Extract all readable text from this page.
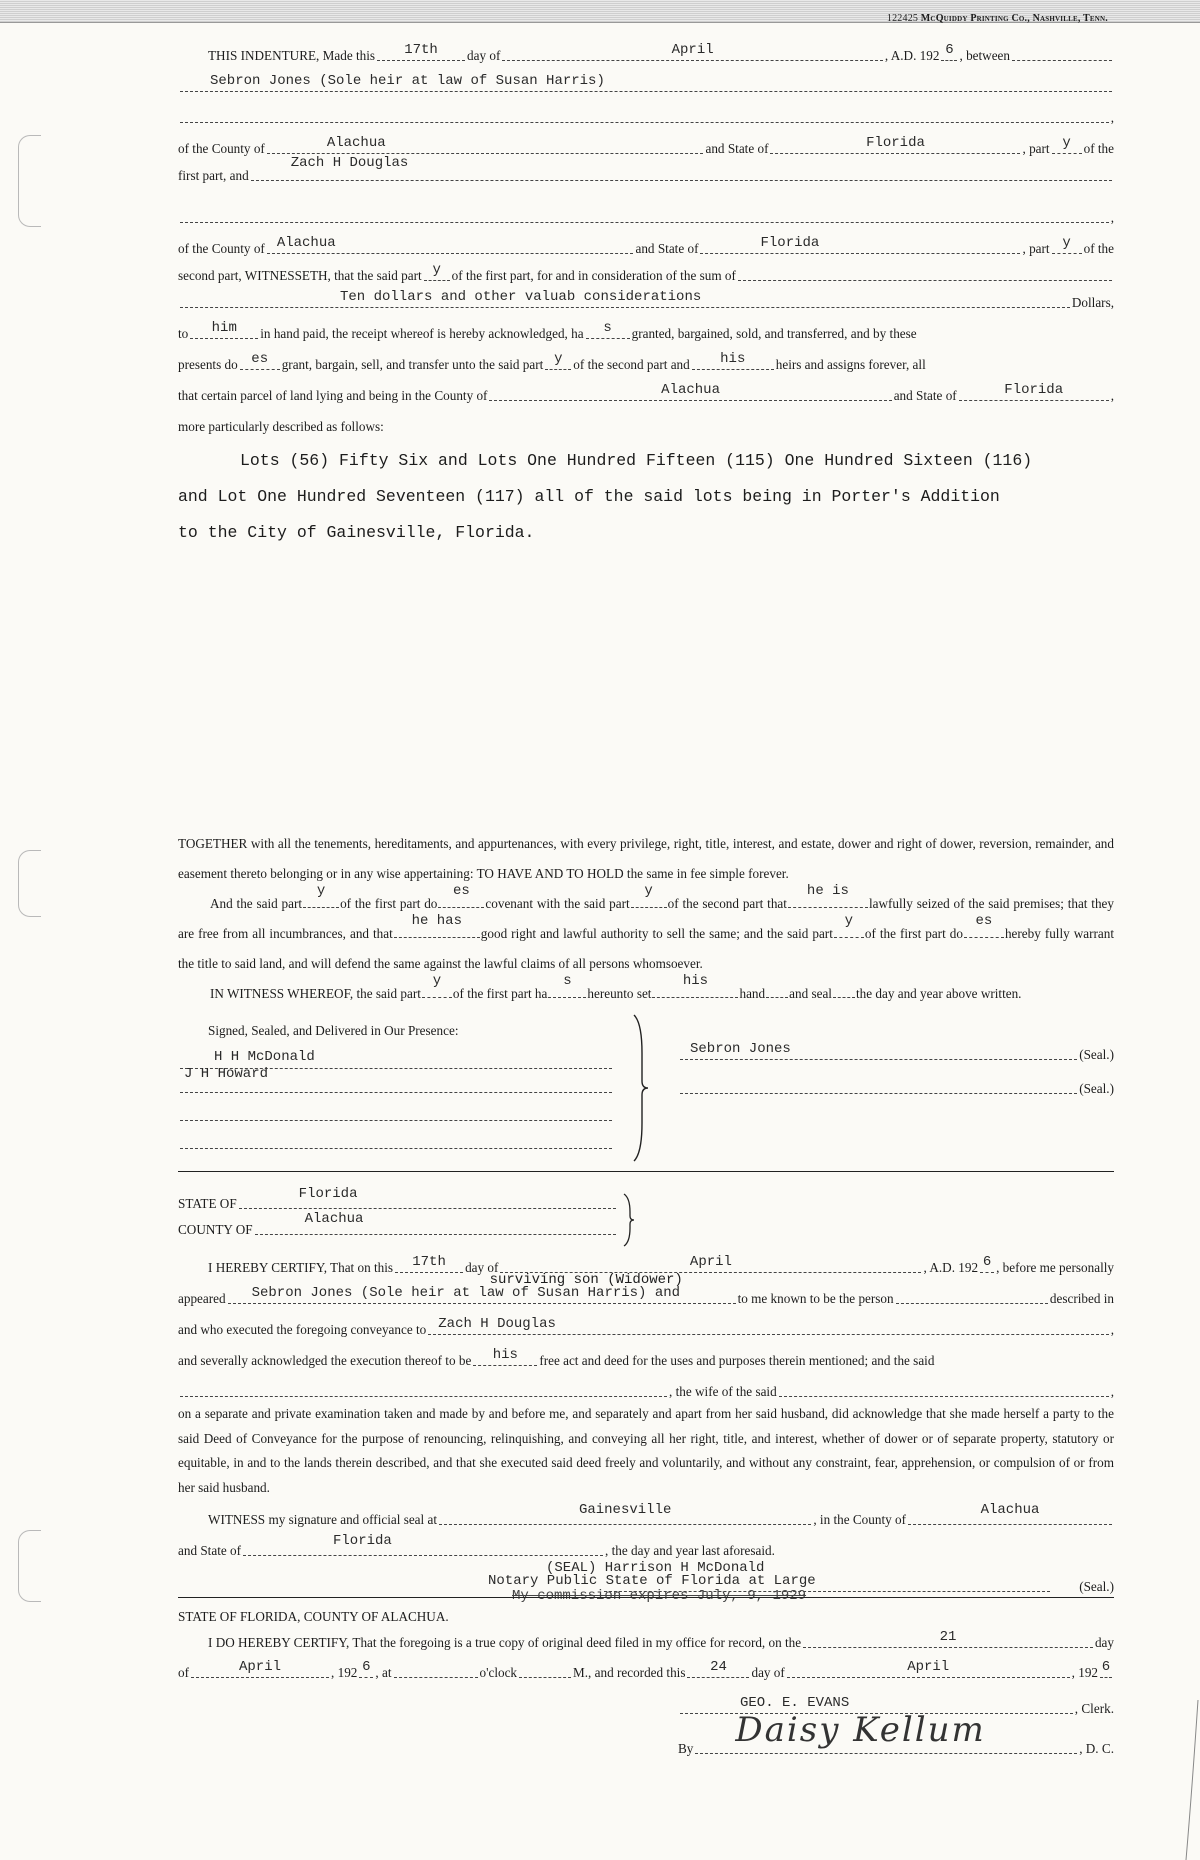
122425 McQuiddy Printing Co., Nashville, Tenn.
THIS INDENTURE, Made this	17th	day of	April	, A.D. 192 6 , between
Sebron Jones (Sole heir at law of Susan Harris)
,
of the County of	Alachua	and State of	Florida	, part y of the
first part, and
Zach H Douglas
,
of the County of Alachua	and State of	Florida	, part y of the
second part, WITNESSETH, that the said part y of the first part, for and in consideration of the sum of
Ten dollars and other valuab considerations	Dollars,
to	him	in hand paid, the receipt whereof is hereby acknowledged, ha	s	granted, bargained, sold, and transferred, and by these
presents do es	grant, bargain, sell, and transfer unto the said part y of the second part and	his	heirs and assigns forever, all
that certain parcel of land lying and being in the County of	Alachua	and State of	Florida	,
more particularly described as follows:

Lots (56) Fifty Six and Lots One Hundred Fifteen (115) One Hundred Sixteen (116)

and Lot One Hundred Seventeen (117) all of the said lots being in Porter's Addition

to the City of Gainesville, Florida.

TOGETHER with all the tenements, hereditaments, and appurtenances, with every privilege, right, title, interest, and estate, dower and right of dower, reversion, remainder, and easement thereto belonging or in any wise appertaining: TO HAVE AND TO HOLD the same in fee simple forever.

And the said part
y
of the first part do
es
covenant with the said part
y
of the second part that
he is
lawfully seized of the said premises; that they are free from all incumbrances, and that
he has
good right and lawful authority to sell the same; and the said part
y
of the first part do
es
hereby fully warrant the title to said land, and will defend the same against the lawful claims of all persons whomsoever.

IN WITNESS WHEREOF, the said part
y
of the first part ha
s
hereunto set
his
hand and seal the day and year above written.

Signed, Sealed, and Delivered in Our Presence:
H H McDonald
J H Howard
Sebron Jones	(Seal.)
(Seal.)
STATE OF
Florida
COUNTY OF
Alachua
I HEREBY CERTIFY, That on this	17th	day of	April	, A.D. 192 6 , before me personally
appeared	Sebron Jones (Sole heir at law of Susan Harris) and
surviving son (Widower)
to me known to be the person	described in
and who executed the foregoing conveyance to Zach H Douglas	,
and severally acknowledged the execution thereof to be	his	free act and deed for the uses and purposes therein mentioned; and the said
, the wife of the said	,

on a separate and private examination taken and made by and before me, and separately and apart from her said husband, did acknowledge that she made herself a party to the said Deed of Conveyance for the purpose of renouncing, relinquishing, and conveying all her right, title, and interest, whether of dower or of separate property, statutory or equitable, in and to the lands therein described, and that she executed said deed freely and voluntarily, and without any constraint, fear, apprehension, or compulsion of or from her said husband.

WITNESS my signature and official seal at
Gainesville
, in the County of
Alachua
and State of
Florida
, the day and year last aforesaid.
(SEAL) Harrison H McDonald
Notary Public State of Florida at Large
My commission expires July, 9, 1929
(Seal.)
STATE OF FLORIDA, COUNTY OF ALACHUA.
I DO HEREBY CERTIFY, That the foregoing is a true copy of original deed filed in my office for record, on the	21	day
of	April	, 192 6 , at	o'clock	M., and recorded this	24	day of	April	, 192 6
GEO. E. EVANS	, Clerk.
By Daisy Kellum	, D. C.
